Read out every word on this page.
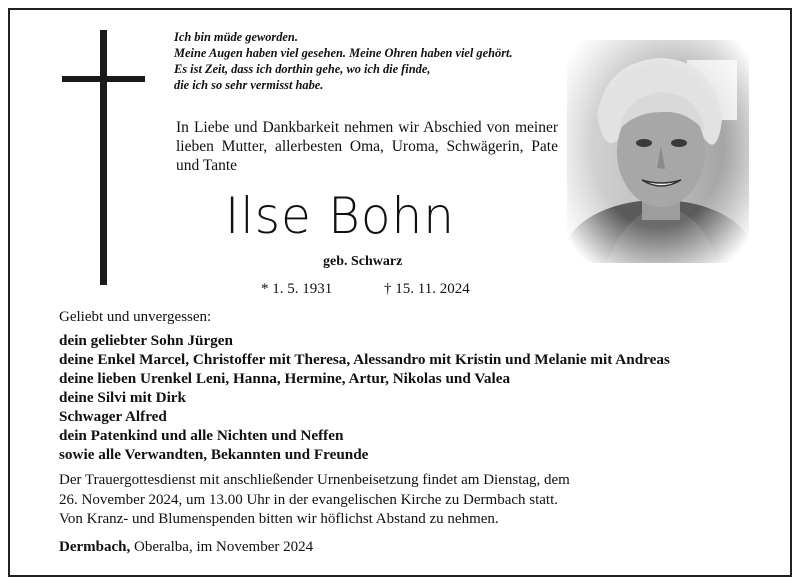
Ich bin müde geworden.
Meine Augen haben viel gesehen. Meine Ohren haben viel gehört.
Es ist Zeit, dass ich dorthin gehe, wo ich die finde,
die ich so sehr vermisst habe.
In Liebe und Dankbarkeit nehmen wir Abschied von meiner lieben Mutter, allerbesten Oma, Uroma, Schwägerin, Pate und Tante
Ilse Bohn
geb. Schwarz
* 1. 5. 1931	† 15. 11. 2024
Geliebt und unvergessen:
dein geliebter Sohn Jürgen
deine Enkel Marcel, Christoffer mit Theresa, Alessandro mit Kristin und Melanie mit Andreas
deine lieben Urenkel Leni, Hanna, Hermine, Artur, Nikolas und Valea
deine Silvi mit Dirk
Schwager Alfred
dein Patenkind und alle Nichten und Neffen
sowie alle Verwandten, Bekannten und Freunde
Der Trauergottesdienst mit anschließender Urnenbeisetzung findet am Dienstag, dem
26. November 2024, um 13.00 Uhr in der evangelischen Kirche zu Dermbach statt.
Von Kranz- und Blumenspenden bitten wir höflichst Abstand zu nehmen.
Dermbach, Oberalba, im November 2024
